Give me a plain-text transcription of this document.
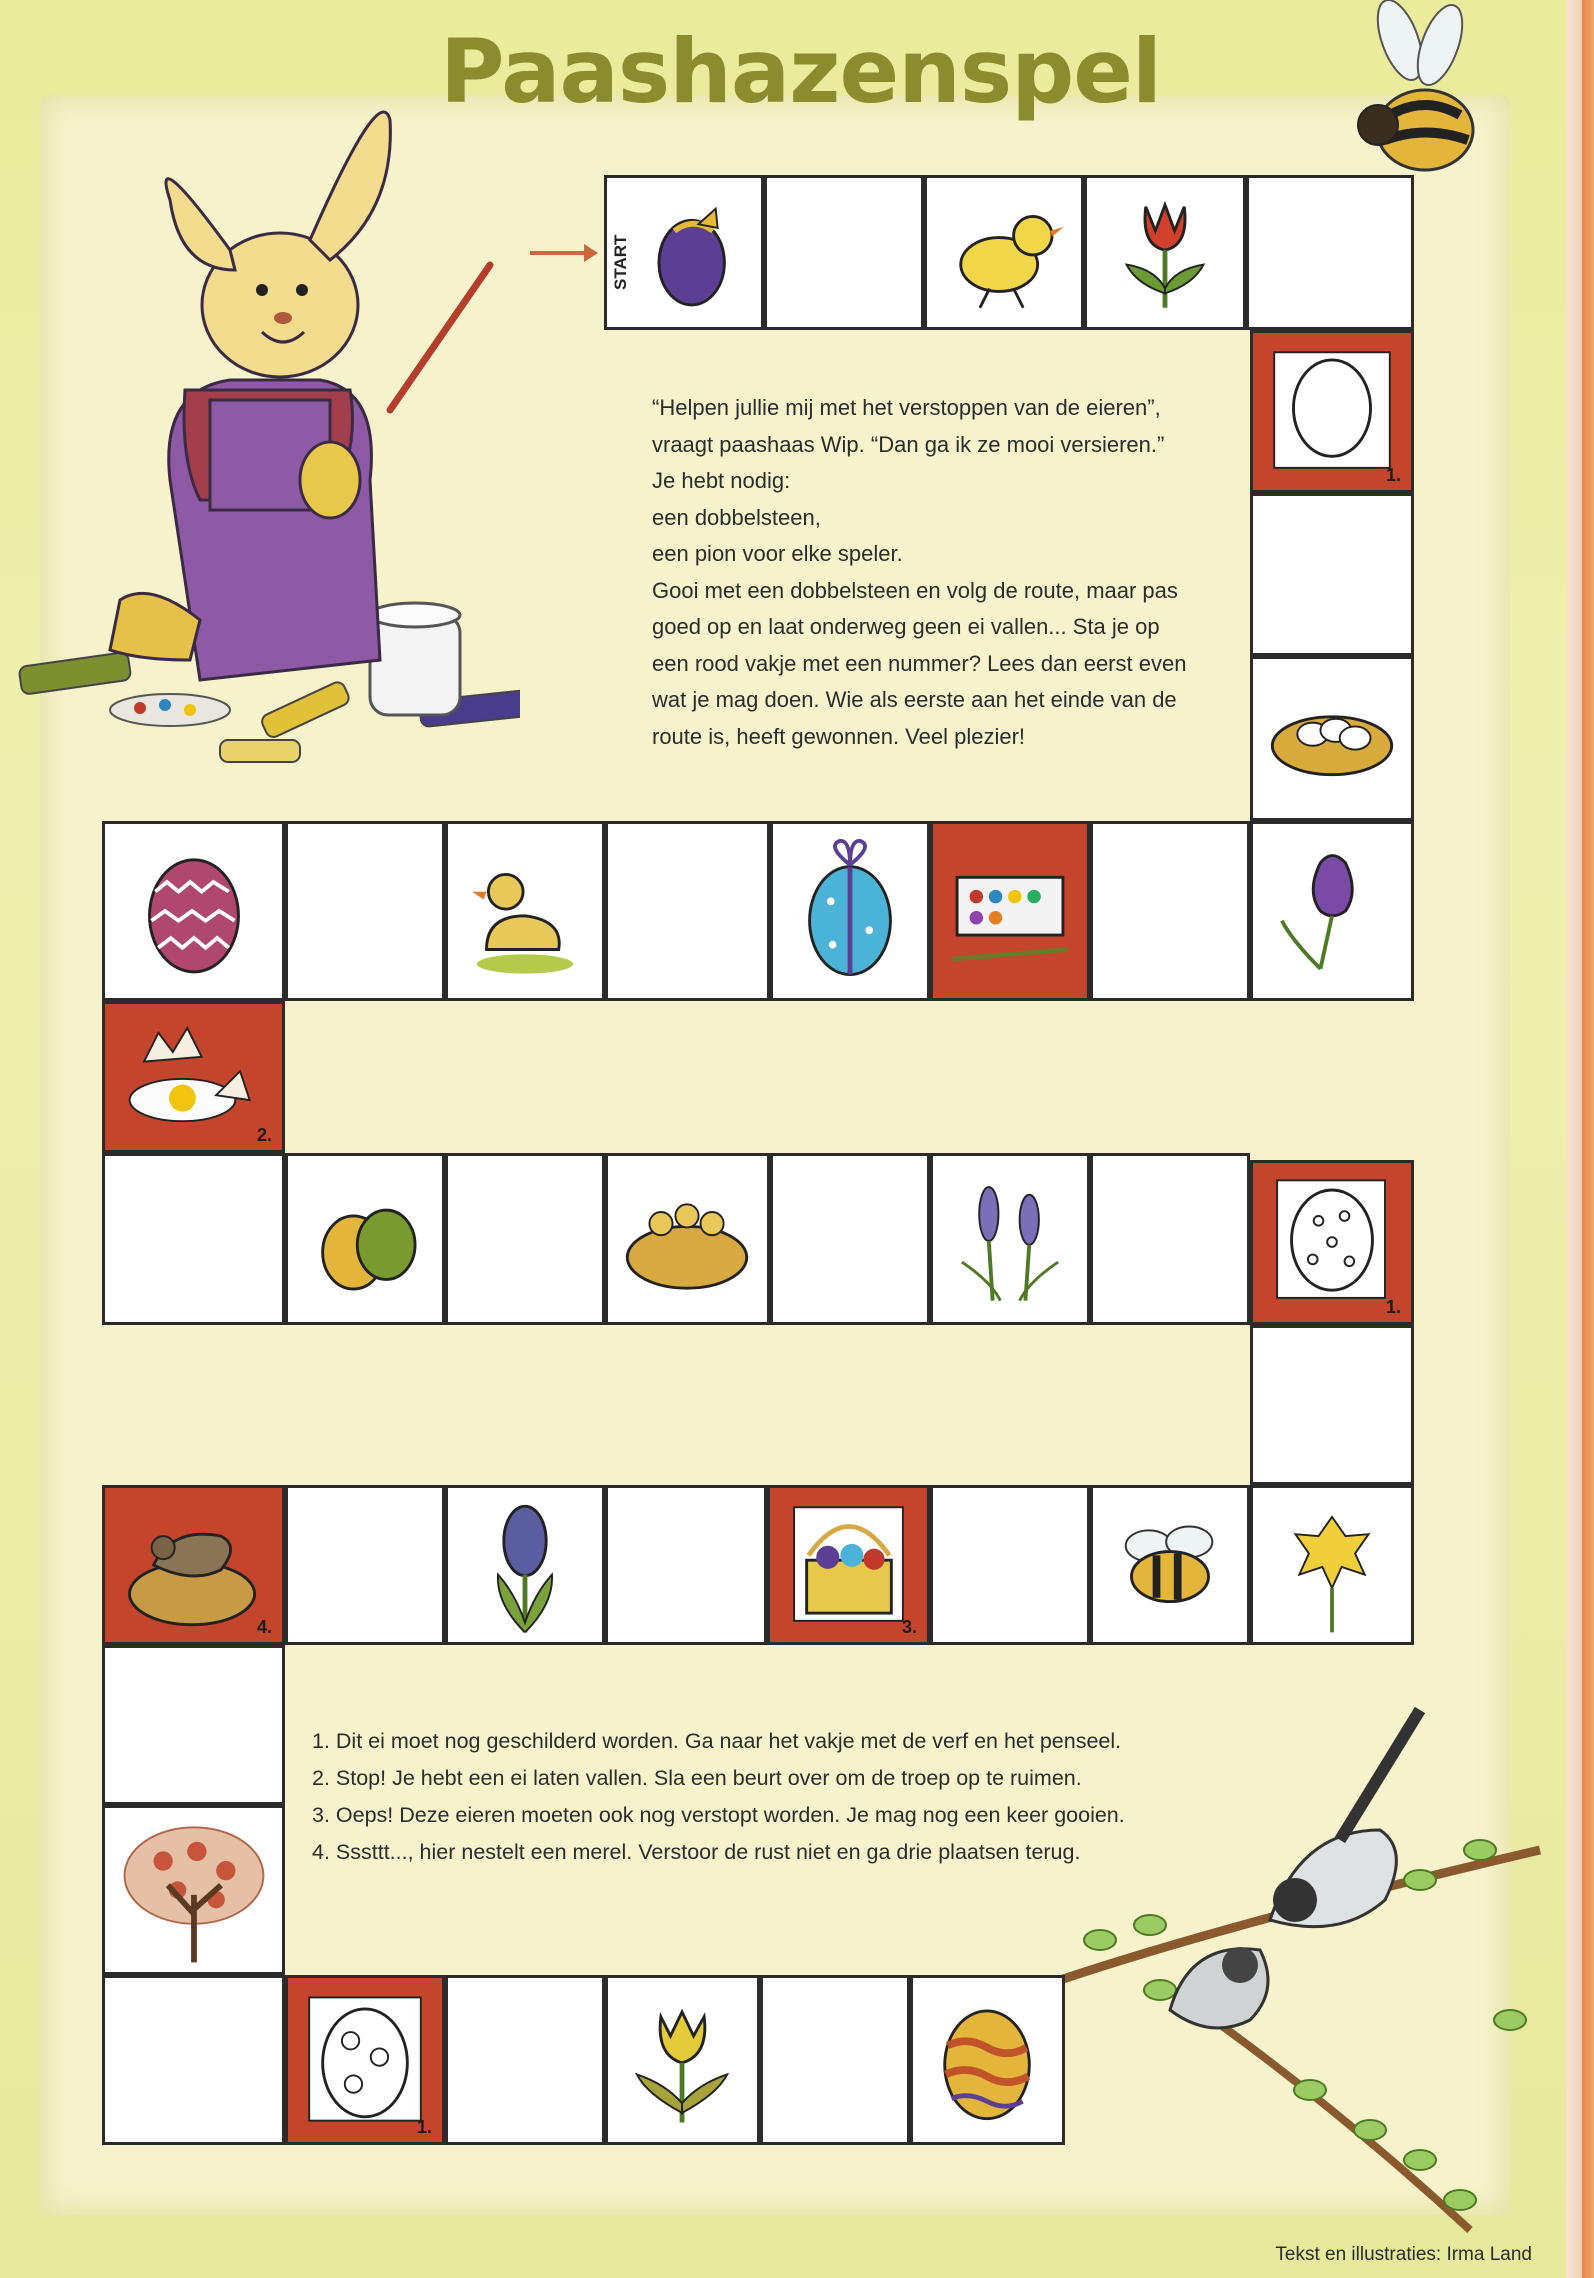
Paashazenspel
START
1.
2.
1.
3.
4.
1.

“Helpen jullie mij met het verstoppen van de eieren”,

vraagt paashaas Wip. “Dan ga ik ze mooi versieren.”

Je hebt nodig:

een dobbelsteen,

een pion voor elke speler.

Gooi met een dobbelsteen en volg de route, maar pas

goed op en laat onderweg geen ei vallen... Sta je op

een rood vakje met een nummer? Lees dan eerst even

wat je mag doen. Wie als eerste aan het einde van de

route is, heeft gewonnen. Veel plezier!

1. Dit ei moet nog geschilderd worden. Ga naar het vakje met de verf en het penseel.

2. Stop! Je hebt een ei laten vallen. Sla een beurt over om de troep op te ruimen.

3. Oeps! Deze eieren moeten ook nog verstopt worden. Je mag nog een keer gooien.

4. Sssttt..., hier nestelt een merel. Verstoor de rust niet en ga drie plaatsen terug.

Tekst en illustraties: Irma Land
